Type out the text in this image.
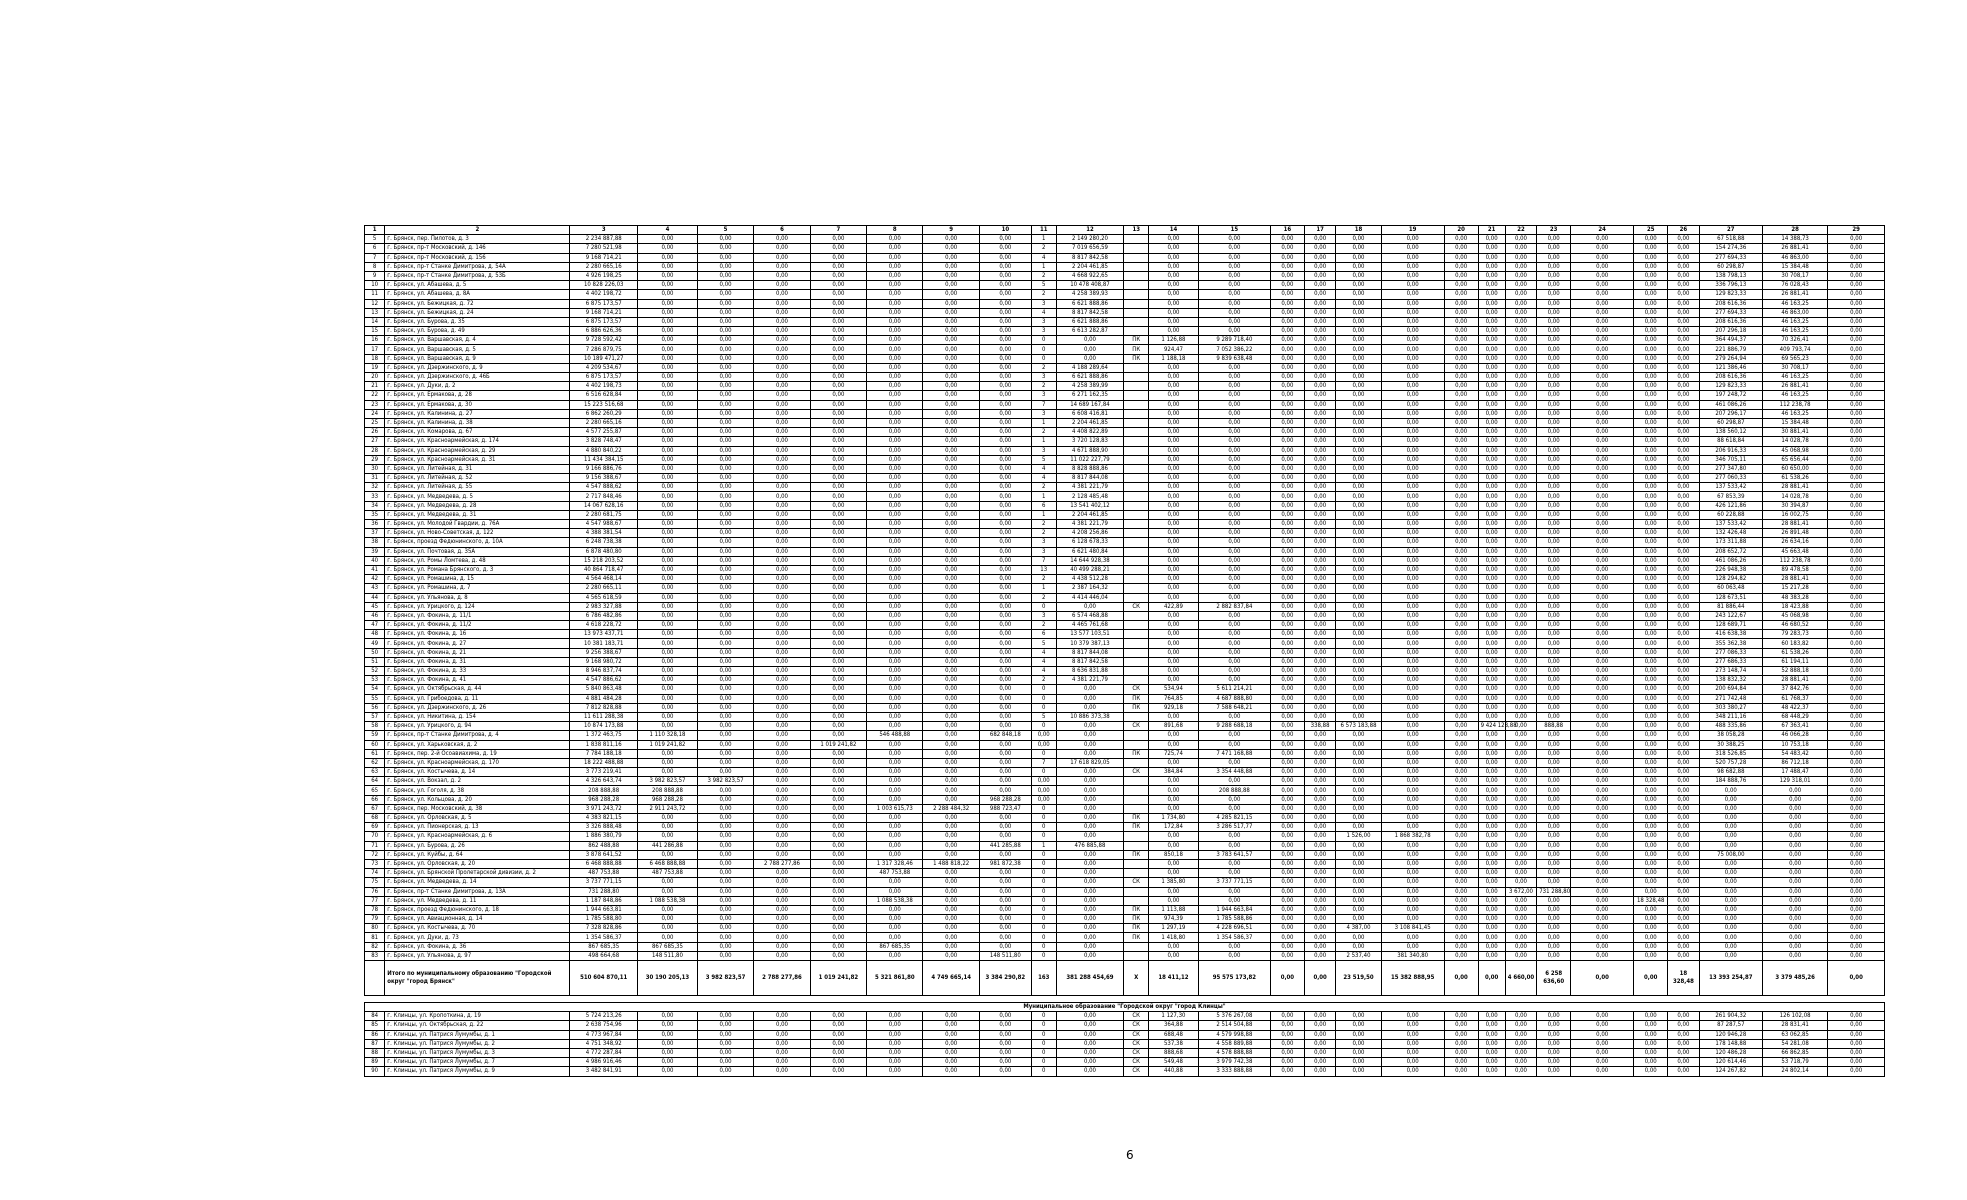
1	2	3	4	5	6	7	8	9	10	11	12	13	14	15	16	17	18	19	20	21	22	23	24	25	26	27	28	29
5	г. Брянск, пер. Пилотов, д. 3	2 234 887,88	0,00	0,00	0,00	0,00	0,00	0,00	0,00	1	2 149 280,20		0,00	0,00	0,00	0,00	0,00	0,00	0,00	0,00	0,00	0,00	0,00	0,00	0,00	67 518,88	14 388,73	0,00
6	г. Брянск, пр-т Московский, д. 146	7 280 521,98	0,00	0,00	0,00	0,00	0,00	0,00	0,00	2	7 019 656,59		0,00	0,00	0,00	0,00	0,00	0,00	0,00	0,00	0,00	0,00	0,00	0,00	0,00	154 274,36	26 881,41	0,00
7	г. Брянск, пр-т Московский, д. 156	9 168 714,21	0,00	0,00	0,00	0,00	0,00	0,00	0,00	4	8 817 842,58		0,00	0,00	0,00	0,00	0,00	0,00	0,00	0,00	0,00	0,00	0,00	0,00	0,00	277 694,33	46 863,00	0,00
8	г. Брянск, пр-т Станке Димитрова, д. 54А	2 280 665,16	0,00	0,00	0,00	0,00	0,00	0,00	0,00	1	2 204 461,85		0,00	0,00	0,00	0,00	0,00	0,00	0,00	0,00	0,00	0,00	0,00	0,00	0,00	60 298,87	15 384,48	0,00
9	г. Брянск, пр-т Станке Димитрова, д. 53Б	4 926 198,25	0,00	0,00	0,00	0,00	0,00	0,00	0,00	2	4 668 922,65		0,00	0,00	0,00	0,00	0,00	0,00	0,00	0,00	0,00	0,00	0,00	0,00	0,00	138 798,13	30 708,17	0,00
10	г. Брянск, ул. Абашева, д. 5	10 828 226,03	0,00	0,00	0,00	0,00	0,00	0,00	0,00	5	10 478 408,87		0,00	0,00	0,00	0,00	0,00	0,00	0,00	0,00	0,00	0,00	0,00	0,00	0,00	336 796,13	76 028,43	0,00
11	г. Брянск, ул. Абашева, д. 8А	4 402 198,72	0,00	0,00	0,00	0,00	0,00	0,00	0,00	2	4 258 389,93		0,00	0,00	0,00	0,00	0,00	0,00	0,00	0,00	0,00	0,00	0,00	0,00	0,00	129 823,33	26 881,41	0,00
12	г. Брянск, ул. Бежицкая, д. 72	6 875 173,57	0,00	0,00	0,00	0,00	0,00	0,00	0,00	3	6 621 888,86		0,00	0,00	0,00	0,00	0,00	0,00	0,00	0,00	0,00	0,00	0,00	0,00	0,00	208 616,36	46 163,25	0,00
13	г. Брянск, ул. Бежицкая, д. 24	9 168 714,21	0,00	0,00	0,00	0,00	0,00	0,00	0,00	4	8 817 842,58		0,00	0,00	0,00	0,00	0,00	0,00	0,00	0,00	0,00	0,00	0,00	0,00	0,00	277 694,33	46 863,00	0,00
14	г. Брянск, ул. Бурова, д. 35	6 875 173,57	0,00	0,00	0,00	0,00	0,00	0,00	0,00	3	6 621 888,86		0,00	0,00	0,00	0,00	0,00	0,00	0,00	0,00	0,00	0,00	0,00	0,00	0,00	208 616,36	46 163,25	0,00
15	г. Брянск, ул. Бурова, д. 49	6 886 626,36	0,00	0,00	0,00	0,00	0,00	0,00	0,00	3	6 613 282,87		0,00	0,00	0,00	0,00	0,00	0,00	0,00	0,00	0,00	0,00	0,00	0,00	0,00	207 296,18	46 163,25	0,00
16	г. Брянск, ул. Варшавская, д. 4	9 728 592,42	0,00	0,00	0,00	0,00	0,00	0,00	0,00	0	0,00	ПК	1 126,88	9 289 718,40	0,00	0,00	0,00	0,00	0,00	0,00	0,00	0,00	0,00	0,00	0,00	364 494,37	70 326,41	0,00
17	г. Брянск, ул. Варшавская, д. 5	7 286 879,75	0,00	0,00	0,00	0,00	0,00	0,00	0,00	0	0,00	ПК	924,47	7 052 386,22	0,00	0,00	0,00	0,00	0,00	0,00	0,00	0,00	0,00	0,00	0,00	221 886,79	409 793,74	0,00
18	г. Брянск, ул. Варшавская, д. 9	10 189 471,27	0,00	0,00	0,00	0,00	0,00	0,00	0,00	0	0,00	ПК	1 188,18	9 839 638,48	0,00	0,00	0,00	0,00	0,00	0,00	0,00	0,00	0,00	0,00	0,00	279 264,94	69 565,23	0,00
19	г. Брянск, ул. Дзержинского, д. 9	4 209 534,67	0,00	0,00	0,00	0,00	0,00	0,00	0,00	2	4 188 289,64		0,00	0,00	0,00	0,00	0,00	0,00	0,00	0,00	0,00	0,00	0,00	0,00	0,00	121 386,46	30 708,17	0,00
20	г. Брянск, ул. Дзержинского, д. 46Б	6 875 173,57	0,00	0,00	0,00	0,00	0,00	0,00	0,00	3	6 621 888,86		0,00	0,00	0,00	0,00	0,00	0,00	0,00	0,00	0,00	0,00	0,00	0,00	0,00	208 616,36	46 163,25	0,00
21	г. Брянск, ул. Дуки, д. 2	4 402 198,73	0,00	0,00	0,00	0,00	0,00	0,00	0,00	2	4 258 389,99		0,00	0,00	0,00	0,00	0,00	0,00	0,00	0,00	0,00	0,00	0,00	0,00	0,00	129 823,33	26 881,41	0,00
22	г. Брянск, ул. Ермакова, д. 28	6 516 628,84	0,00	0,00	0,00	0,00	0,00	0,00	0,00	3	6 271 162,35		0,00	0,00	0,00	0,00	0,00	0,00	0,00	0,00	0,00	0,00	0,00	0,00	0,00	197 248,72	46 163,25	0,00
23	г. Брянск, ул. Ермакова, д. 30	15 223 516,68	0,00	0,00	0,00	0,00	0,00	0,00	0,00	7	14 689 167,84		0,00	0,00	0,00	0,00	0,00	0,00	0,00	0,00	0,00	0,00	0,00	0,00	0,00	461 086,26	112 238,78	0,00
24	г. Брянск, ул. Калинина, д. 27	6 862 260,29	0,00	0,00	0,00	0,00	0,00	0,00	0,00	3	6 608 416,81		0,00	0,00	0,00	0,00	0,00	0,00	0,00	0,00	0,00	0,00	0,00	0,00	0,00	207 296,17	46 163,25	0,00
25	г. Брянск, ул. Калинина, д. 38	2 280 665,16	0,00	0,00	0,00	0,00	0,00	0,00	0,00	1	2 204 461,85		0,00	0,00	0,00	0,00	0,00	0,00	0,00	0,00	0,00	0,00	0,00	0,00	0,00	60 298,87	15 384,48	0,00
26	г. Брянск, ул. Комарова, д. 67	4 577 255,87	0,00	0,00	0,00	0,00	0,00	0,00	0,00	2	4 408 822,89		0,00	0,00	0,00	0,00	0,00	0,00	0,00	0,00	0,00	0,00	0,00	0,00	0,00	138 560,12	30 881,41	0,00
27	г. Брянск, ул. Красноармейская, д. 174	3 828 748,47	0,00	0,00	0,00	0,00	0,00	0,00	0,00	1	3 720 128,83		0,00	0,00	0,00	0,00	0,00	0,00	0,00	0,00	0,00	0,00	0,00	0,00	0,00	88 618,84	14 028,78	0,00
28	г. Брянск, ул. Красноармейская, д. 29	4 880 840,22	0,00	0,00	0,00	0,00	0,00	0,00	0,00	3	4 671 888,90		0,00	0,00	0,00	0,00	0,00	0,00	0,00	0,00	0,00	0,00	0,00	0,00	0,00	206 916,33	45 068,98	0,00
29	г. Брянск, ул. Красноармейская, д. 31	11 434 384,15	0,00	0,00	0,00	0,00	0,00	0,00	0,00	5	11 022 227,79		0,00	0,00	0,00	0,00	0,00	0,00	0,00	0,00	0,00	0,00	0,00	0,00	0,00	346 705,11	65 656,44	0,00
30	г. Брянск, ул. Литейная, д. 31	9 166 886,76	0,00	0,00	0,00	0,00	0,00	0,00	0,00	4	8 828 888,86		0,00	0,00	0,00	0,00	0,00	0,00	0,00	0,00	0,00	0,00	0,00	0,00	0,00	277 347,80	60 650,00	0,00
31	г. Брянск, ул. Литейная, д. 52	9 156 388,67	0,00	0,00	0,00	0,00	0,00	0,00	0,00	4	8 817 844,08		0,00	0,00	0,00	0,00	0,00	0,00	0,00	0,00	0,00	0,00	0,00	0,00	0,00	277 060,33	61 538,26	0,00
32	г. Брянск, ул. Литейная, д. 55	4 547 888,62	0,00	0,00	0,00	0,00	0,00	0,00	0,00	2	4 381 221,79		0,00	0,00	0,00	0,00	0,00	0,00	0,00	0,00	0,00	0,00	0,00	0,00	0,00	137 533,42	28 881,41	0,00
33	г. Брянск, ул. Медведева, д. 5	2 717 848,46	0,00	0,00	0,00	0,00	0,00	0,00	0,00	1	2 128 485,48		0,00	0,00	0,00	0,00	0,00	0,00	0,00	0,00	0,00	0,00	0,00	0,00	0,00	67 853,39	14 028,78	0,00
34	г. Брянск, ул. Медведева, д. 28	14 067 628,16	0,00	0,00	0,00	0,00	0,00	0,00	0,00	6	13 541 402,12		0,00	0,00	0,00	0,00	0,00	0,00	0,00	0,00	0,00	0,00	0,00	0,00	0,00	426 121,86	30 394,87	0,00
35	г. Брянск, ул. Медведева, д. 31	2 280 681,75	0,00	0,00	0,00	0,00	0,00	0,00	0,00	1	2 204 461,85		0,00	0,00	0,00	0,00	0,00	0,00	0,00	0,00	0,00	0,00	0,00	0,00	0,00	60 228,88	16 002,75	0,00
36	г. Брянск, ул. Молодой Гвардии, д. 76А	4 547 988,67	0,00	0,00	0,00	0,00	0,00	0,00	0,00	2	4 381 221,79		0,00	0,00	0,00	0,00	0,00	0,00	0,00	0,00	0,00	0,00	0,00	0,00	0,00	137 533,42	28 881,41	0,00
37	г. Брянск, ул. Ново-Советская, д. 122	4 388 381,54	0,00	0,00	0,00	0,00	0,00	0,00	0,00	2	4 208 256,86		0,00	0,00	0,00	0,00	0,00	0,00	0,00	0,00	0,00	0,00	0,00	0,00	0,00	132 426,48	26 891,48	0,00
38	г. Брянск, проезд Федюнинского, д. 10А	6 248 738,38	0,00	0,00	0,00	0,00	0,00	0,00	0,00	3	6 128 678,33		0,00	0,00	0,00	0,00	0,00	0,00	0,00	0,00	0,00	0,00	0,00	0,00	0,00	173 311,88	26 634,16	0,00
39	г. Брянск, ул. Почтовая, д. 35А	6 878 480,80	0,00	0,00	0,00	0,00	0,00	0,00	0,00	3	6 621 480,84		0,00	0,00	0,00	0,00	0,00	0,00	0,00	0,00	0,00	0,00	0,00	0,00	0,00	208 652,72	45 663,48	0,00
40	г. Брянск, ул. Ромы Ломтева, д. 48	15 218 203,52	0,00	0,00	0,00	0,00	0,00	0,00	0,00	7	14 644 928,38		0,00	0,00	0,00	0,00	0,00	0,00	0,00	0,00	0,00	0,00	0,00	0,00	0,00	461 086,26	112 238,78	0,00
41	г. Брянск, ул. Романа Брянского, д. 3	40 864 718,47	0,00	0,00	0,00	0,00	0,00	0,00	0,00	13	40 499 288,21		0,00	0,00	0,00	0,00	0,00	0,00	0,00	0,00	0,00	0,00	0,00	0,00	0,00	226 948,38	89 478,58	0,00
42	г. Брянск, ул. Ромашина, д. 15	4 564 468,14	0,00	0,00	0,00	0,00	0,00	0,00	0,00	2	4 438 512,28		0,00	0,00	0,00	0,00	0,00	0,00	0,00	0,00	0,00	0,00	0,00	0,00	0,00	128 294,82	28 881,41	0,00
43	г. Брянск, ул. Ромашина, д. 7	2 280 665,11	0,00	0,00	0,00	0,00	0,00	0,00	0,00	1	2 387 164,32		0,00	0,00	0,00	0,00	0,00	0,00	0,00	0,00	0,00	0,00	0,00	0,00	0,00	60 063,48	15 217,28	0,00
44	г. Брянск, ул. Ульянова, д. 8	4 565 618,59	0,00	0,00	0,00	0,00	0,00	0,00	0,00	2	4 414 446,04		0,00	0,00	0,00	0,00	0,00	0,00	0,00	0,00	0,00	0,00	0,00	0,00	0,00	128 673,51	48 383,28	0,00
45	г. Брянск, ул. Урицкого, д. 124	2 983 327,88	0,00	0,00	0,00	0,00	0,00	0,00	0,00	0	0,00	СК	422,89	2 882 837,84	0,00	0,00	0,00	0,00	0,00	0,00	0,00	0,00	0,00	0,00	0,00	81 886,44	18 423,88	0,00
46	г. Брянск, ул. Фокина, д. 11/1	6 786 482,86	0,00	0,00	0,00	0,00	0,00	0,00	0,00	3	6 574 468,88		0,00	0,00	0,00	0,00	0,00	0,00	0,00	0,00	0,00	0,00	0,00	0,00	0,00	243 122,67	45 068,98	0,00
47	г. Брянск, ул. Фокина, д. 11/2	4 618 228,72	0,00	0,00	0,00	0,00	0,00	0,00	0,00	2	4 465 761,68		0,00	0,00	0,00	0,00	0,00	0,00	0,00	0,00	0,00	0,00	0,00	0,00	0,00	128 689,71	46 680,52	0,00
48	г. Брянск, ул. Фокина, д. 16	13 973 437,71	0,00	0,00	0,00	0,00	0,00	0,00	0,00	6	13 577 103,51		0,00	0,00	0,00	0,00	0,00	0,00	0,00	0,00	0,00	0,00	0,00	0,00	0,00	416 638,38	79 283,73	0,00
49	г. Брянск, ул. Фокина, д. 27	10 381 183,71	0,00	0,00	0,00	0,00	0,00	0,00	0,00	5	10 379 387,13		0,00	0,00	0,00	0,00	0,00	0,00	0,00	0,00	0,00	0,00	0,00	0,00	0,00	355 362,38	60 183,82	0,00
50	г. Брянск, ул. Фокина, д. 21	9 256 388,67	0,00	0,00	0,00	0,00	0,00	0,00	0,00	4	8 817 844,08		0,00	0,00	0,00	0,00	0,00	0,00	0,00	0,00	0,00	0,00	0,00	0,00	0,00	277 086,33	61 538,26	0,00
51	г. Брянск, ул. Фокина, д. 31	9 168 980,72	0,00	0,00	0,00	0,00	0,00	0,00	0,00	4	8 817 842,58		0,00	0,00	0,00	0,00	0,00	0,00	0,00	0,00	0,00	0,00	0,00	0,00	0,00	277 686,33	61 194,11	0,00
52	г. Брянск, ул. Фокина, д. 33	8 946 837,74	0,00	0,00	0,00	0,00	0,00	0,00	0,00	4	8 636 831,88		0,00	0,00	0,00	0,00	0,00	0,00	0,00	0,00	0,00	0,00	0,00	0,00	0,00	273 148,74	52 888,18	0,00
53	г. Брянск, ул. Фокина, д. 41	4 547 886,62	0,00	0,00	0,00	0,00	0,00	0,00	0,00	2	4 381 221,79		0,00	0,00	0,00	0,00	0,00	0,00	0,00	0,00	0,00	0,00	0,00	0,00	0,00	138 832,32	28 881,41	0,00
54	г. Брянск, ул. Октябрьская, д. 44	5 840 863,48	0,00	0,00	0,00	0,00	0,00	0,00	0,00	0	0,00	СК	534,94	5 611 214,21	0,00	0,00	0,00	0,00	0,00	0,00	0,00	0,00	0,00	0,00	0,00	200 694,84	37 842,76	0,00
55	г. Брянск, ул. Грибоедова, д. 11	4 881 484,28	0,00	0,00	0,00	0,00	0,00	0,00	0,00	0	0,00	ПК	764,85	4 687 888,80	0,00	0,00	0,00	0,00	0,00	0,00	0,00	0,00	0,00	0,00	0,00	271 742,48	61 768,37	0,00
56	г. Брянск, ул. Дзержинского, д. 26	7 812 828,88	0,00	0,00	0,00	0,00	0,00	0,00	0,00	0	0,00	ПК	929,18	7 588 648,21	0,00	0,00	0,00	0,00	0,00	0,00	0,00	0,00	0,00	0,00	0,00	303 380,27	48 422,37	0,00
57	г. Брянск, ул. Никитина, д. 154	11 611 288,38	0,00	0,00	0,00	0,00	0,00	0,00	0,00	5	10 886 373,38		0,00	0,00	0,00	0,00	0,00	0,00	0,00	0,00	0,00	0,00	0,00	0,00	0,00	348 211,16	68 448,29	0,00
58	г. Брянск, ул. Урицкого, д. 94	10 874 173,88	0,00	0,00	0,00	0,00	0,00	0,00	0,00	0	0,00	СК	891,68	9 288 688,18	0,00	338,88	6 573 183,88	0,00	0,00	9 424 128,88	0,00	888,88	0,00	0,00	0,00	488 335,86	67 363,41	0,00
59	г. Брянск, пр-т Станке Димитрова, д. 4	1 372 463,75	1 110 328,18	0,00	0,00	0,00	546 488,88	0,00	682 848,18	0,00	0,00		0,00	0,00	0,00	0,00	0,00	0,00	0,00	0,00	0,00	0,00	0,00	0,00	0,00	38 058,28	46 066,28	0,00
60	г. Брянск, ул. Харьковская, д. 2	1 838 811,16	1 019 241,82	0,00	0,00	1 019 241,82	0,00	0,00	0,00	0,00	0,00		0,00	0,00	0,00	0,00	0,00	0,00	0,00	0,00	0,00	0,00	0,00	0,00	0,00	30 388,25	10 753,18	0,00
61	г. Брянск, пер. 2-й Осоавиахима, д. 19	7 784 188,18	0,00	0,00	0,00	0,00	0,00	0,00	0,00	0	0,00	ПК	725,74	7 471 168,88	0,00	0,00	0,00	0,00	0,00	0,00	0,00	0,00	0,00	0,00	0,00	318 526,85	54 483,42	0,00
62	г. Брянск, ул. Красноармейская, д. 170	18 222 488,88	0,00	0,00	0,00	0,00	0,00	0,00	0,00	7	17 618 829,05		0,00	0,00	0,00	0,00	0,00	0,00	0,00	0,00	0,00	0,00	0,00	0,00	0,00	520 757,28	86 712,18	0,00
63	г. Брянск, ул. Костычева, д. 14	3 773 219,41	0,00	0,00	0,00	0,00	0,00	0,00	0,00	0	0,00	СК	384,84	3 354 448,88	0,00	0,00	0,00	0,00	0,00	0,00	0,00	0,00	0,00	0,00	0,00	98 682,88	17 488,47	0,00
64	г. Брянск, ул. Вокзал, д. 2	4 326 643,74	3 982 823,57	3 982 823,57	0,00	0,00	0,00	0,00	0,00	0,00	0,00		0,00	0,00	0,00	0,00	0,00	0,00	0,00	0,00	0,00	0,00	0,00	0,00	0,00	184 888,76	129 318,01	0,00
65	г. Брянск, ул. Гоголя, д. 38	208 888,88	208 888,88	0,00	0,00	0,00	0,00	0,00	0,00	0,00	0,00		0,00	208 888,88	0,00	0,00	0,00	0,00	0,00	0,00	0,00	0,00	0,00	0,00	0,00	0,00	0,00	0,00
66	г. Брянск, ул. Кольцова, д. 20	968 288,28	968 288,28	0,00	0,00	0,00	0,00	0,00	968 288,28	0,00	0,00		0,00	0,00	0,00	0,00	0,00	0,00	0,00	0,00	0,00	0,00	0,00	0,00	0,00	0,00	0,00	0,00
67	г. Брянск, пер. Московский, д. 38	3 971 243,72	2 911 243,72	0,00	0,00	0,00	1 003 615,73	2 288 484,32	988 723,47	0	0,00		0,00	0,00	0,00	0,00	0,00	0,00	0,00	0,00	0,00	0,00	0,00	0,00	0,00	0,00	0,00	0,00
68	г. Брянск, ул. Орловская, д. 5	4 383 821,15	0,00	0,00	0,00	0,00	0,00	0,00	0,00	0	0,00	ПК	1 734,80	4 285 821,15	0,00	0,00	0,00	0,00	0,00	0,00	0,00	0,00	0,00	0,00	0,00	0,00	0,00	0,00
69	г. Брянск, ул. Пионерская, д. 13	3 326 888,48	0,00	0,00	0,00	0,00	0,00	0,00	0,00	0	0,00	ПК	172,84	3 286 517,77	0,00	0,00	0,00	0,00	0,00	0,00	0,00	0,00	0,00	0,00	0,00	0,00	0,00	0,00
70	г. Брянск, ул. Красноармейская, д. 6	1 886 380,79	0,00	0,00	0,00	0,00	0,00	0,00	0,00	0	0,00		0,00	0,00	0,00	0,00	1 526,00	1 868 382,78	0,00	0,00	0,00	0,00	0,00	0,00	0,00	0,00	0,00	0,00
71	г. Брянск, ул. Бурова, д. 26	862 488,88	441 286,88	0,00	0,00	0,00	0,00	0,00	441 285,88	1	476 885,88		0,00	0,00	0,00	0,00	0,00	0,00	0,00	0,00	0,00	0,00	0,00	0,00	0,00	0,00	0,00	0,00
72	г. Брянск, ул. Куйбы, д. 64	3 878 641,52	0,00	0,00	0,00	0,00	0,00	0,00	0,00	0	0,00	ПК	850,18	3 783 641,57	0,00	0,00	0,00	0,00	0,00	0,00	0,00	0,00	0,00	0,00	0,00	75 008,00	0,00	0,00
73	г. Брянск, ул. Орловская, д. 20	6 468 888,88	6 468 888,88	0,00	2 788 277,86	0,00	1 317 328,46	1 488 818,22	981 872,38	0	0,00		0,00	0,00	0,00	0,00	0,00	0,00	0,00	0,00	0,00	0,00	0,00	0,00	0,00	0,00	0,00	0,00
74	г. Брянск, ул. Брянской Пролетарской дивизии, д. 2	487 753,88	487 753,88	0,00	0,00	0,00	487 753,88	0,00	0,00	0	0,00		0,00	0,00	0,00	0,00	0,00	0,00	0,00	0,00	0,00	0,00	0,00	0,00	0,00	0,00	0,00	0,00
75	г. Брянск, ул. Медведева, д. 14	3 737 771,15	0,00	0,00	0,00	0,00	0,00	0,00	0,00	0	0,00	СК	1 385,80	3 737 771,15	0,00	0,00	0,00	0,00	0,00	0,00	0,00	0,00	0,00	0,00	0,00	0,00	0,00	0,00
76	г. Брянск, пр-т Станке Димитрова, д. 13А	731 288,80	0,00	0,00	0,00	0,00	0,00	0,00	0,00	0	0,00		0,00	0,00	0,00	0,00	0,00	0,00	0,00	0,00	3 672,00	731 288,80	0,00	0,00	0,00	0,00	0,00	0,00
77	г. Брянск, ул. Медведева, д. 11	1 187 848,86	1 088 538,38	0,00	0,00	0,00	1 088 538,38	0,00	0,00	0	0,00		0,00	0,00	0,00	0,00	0,00	0,00	0,00	0,00	0,00	0,00	0,00	18 328,48	0,00	0,00	0,00	0,00
78	г. Брянск, проезд Федюнинского, д. 18	1 944 663,81	0,00	0,00	0,00	0,00	0,00	0,00	0,00	0	0,00	ПК	1 113,88	1 944 663,84	0,00	0,00	0,00	0,00	0,00	0,00	0,00	0,00	0,00	0,00	0,00	0,00	0,00	0,00
79	г. Брянск, ул. Авиационная, д. 14	1 785 588,80	0,00	0,00	0,00	0,00	0,00	0,00	0,00	0	0,00	ПК	974,39	1 785 588,86	0,00	0,00	0,00	0,00	0,00	0,00	0,00	0,00	0,00	0,00	0,00	0,00	0,00	0,00
80	г. Брянск, ул. Костычева, д. 70	7 328 828,86	0,00	0,00	0,00	0,00	0,00	0,00	0,00	0	0,00	ПК	1 297,19	4 228 696,51	0,00	0,00	4 387,00	3 108 841,45	0,00	0,00	0,00	0,00	0,00	0,00	0,00	0,00	0,00	0,00
81	г. Брянск, ул. Дуки, д. 73	1 354 586,37	0,00	0,00	0,00	0,00	0,00	0,00	0,00	0	0,00	ПК	1 418,80	1 354 586,37	0,00	0,00	0,00	0,00	0,00	0,00	0,00	0,00	0,00	0,00	0,00	0,00	0,00	0,00
82	г. Брянск, ул. Фокина, д. 36	867 685,35	867 685,35	0,00	0,00	0,00	867 685,35	0,00	0,00	0	0,00		0,00	0,00	0,00	0,00	0,00	0,00	0,00	0,00	0,00	0,00	0,00	0,00	0,00	0,00	0,00	0,00
83	г. Брянск, ул. Ульянова, д. 97	498 664,68	148 511,80	0,00	0,00	0,00	0,00	0,00	148 511,80	0	0,00		0,00	0,00	0,00	0,00	2 537,40	381 340,80	0,00	0,00	0,00	0,00	0,00	0,00	0,00	0,00	0,00	0,00
	Итого по муниципальному образованию "Городской округ "город Брянск"	510 604 870,11	30 190 205,13	3 982 823,57	2 788 277,86	1 019 241,82	5 321 861,80	4 749 665,14	3 384 290,82	163	381 288 454,69	Х	18 411,12	95 575 173,82	0,00	0,00	23 519,50	15 382 888,95	0,00	0,00	4 660,00	6 258 636,60	0,00	0,00	18 328,48	13 393 254,87	3 379 485,26	0,00

Муниципальное образование "Городской округ "город Клинцы"																												
84	г. Клинцы, ул. Кропоткина, д. 19	5 724 213,26	0,00	0,00	0,00	0,00	0,00	0,00	0,00	0	0,00	СК	1 127,30	5 376 267,08	0,00	0,00	0,00	0,00	0,00	0,00	0,00	0,00	0,00	0,00	0,00	261 904,32	126 102,08	0,00
85	г. Клинцы, ул. Октябрьская, д. 22	2 638 754,96	0,00	0,00	0,00	0,00	0,00	0,00	0,00	0	0,00	СК	364,88	2 514 504,88	0,00	0,00	0,00	0,00	0,00	0,00	0,00	0,00	0,00	0,00	0,00	87 287,57	28 831,41	0,00
86	г. Клинцы, ул. Патрися Лумумбы, д. 1	4 773 967,84	0,00	0,00	0,00	0,00	0,00	0,00	0,00	0	0,00	СК	688,48	4 579 998,88	0,00	0,00	0,00	0,00	0,00	0,00	0,00	0,00	0,00	0,00	0,00	120 946,28	63 062,85	0,00
87	г. Клинцы, ул. Патрися Лумумбы, д. 2	4 751 348,92	0,00	0,00	0,00	0,00	0,00	0,00	0,00	0	0,00	СК	537,38	4 558 889,88	0,00	0,00	0,00	0,00	0,00	0,00	0,00	0,00	0,00	0,00	0,00	178 148,88	54 281,08	0,00
88	г. Клинцы, ул. Патрися Лумумбы, д. 3	4 772 287,84	0,00	0,00	0,00	0,00	0,00	0,00	0,00	0	0,00	СК	888,68	4 578 888,88	0,00	0,00	0,00	0,00	0,00	0,00	0,00	0,00	0,00	0,00	0,00	120 486,28	66 862,85	0,00
89	г. Клинцы, ул. Патрися Лумумбы, д. 7	4 986 916,46	0,00	0,00	0,00	0,00	0,00	0,00	0,00	0	0,00	СК	549,48	3 979 742,38	0,00	0,00	0,00	0,00	0,00	0,00	0,00	0,00	0,00	0,00	0,00	120 614,46	53 718,79	0,00
90	г. Клинцы, ул. Патрися Лумумбы, д. 9	3 482 841,91	0,00	0,00	0,00	0,00	0,00	0,00	0,00	0	0,00	СК	440,88	3 333 888,88	0,00	0,00	0,00	0,00	0,00	0,00	0,00	0,00	0,00	0,00	0,00	124 267,82	24 802,14	0,00
6
